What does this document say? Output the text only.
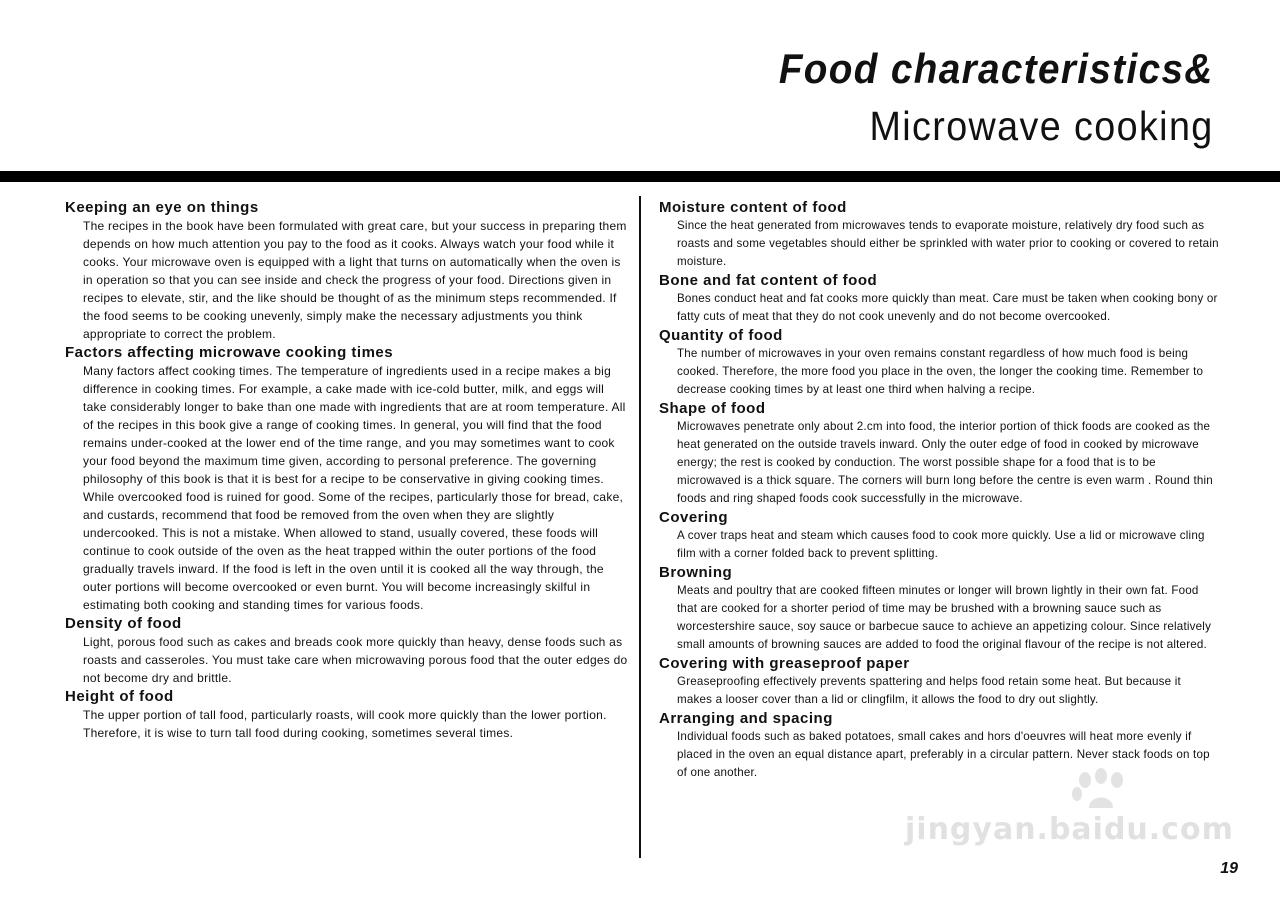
Food characteristics&
Microwave cooking
Keeping an eye on things

The recipes in the book have been formulated with great care, but your success in preparing them depends on how much attention you pay to the food as it cooks. Always watch your food while it cooks. Your microwave oven is equipped with a light that turns on automatically when the oven is in operation so that you can see inside and check the progress of your food. Directions given in recipes to elevate, stir, and the like should be thought of as the minimum steps recommended. If the food seems to be cooking unevenly, simply make the necessary adjustments you think appropriate to correct the problem.

Factors affecting microwave cooking times

Many factors affect cooking times. The temperature of ingredients used in a recipe makes a big difference in cooking times. For example, a cake made with ice-cold butter, milk, and eggs will take considerably longer to bake than one made with ingredients that are at room temperature. All of the recipes in this book give a range of cooking times. In general, you will find that the food remains under-cooked at the lower end of the time range, and you may sometimes want to cook your food beyond the maximum time given, according to personal preference. The governing philosophy of this book is that it is best for a recipe to be conservative in giving cooking times. While overcooked food is ruined for good. Some of the recipes, particularly those for bread, cake, and custards, recommend that food be removed from the oven when they are slightly undercooked. This is not a mistake. When allowed to stand, usually covered, these foods will continue to cook outside of the oven as the heat trapped within the outer portions of the food gradually travels inward. If the food is left in the oven until it is cooked all the way through, the outer portions will become overcooked or even burnt. You will become increasingly skilful in estimating both cooking and standing times for various foods.

Density of food

Light, porous food such as cakes and breads cook more quickly than heavy, dense foods such as roasts and casseroles. You must take care when microwaving porous food that the outer edges do not become dry and brittle.

Height of food

The upper portion of tall food, particularly roasts, will cook more quickly than the lower portion. Therefore, it is wise to turn tall food during cooking, sometimes several times.

Moisture content of food

Since the heat generated from microwaves tends to evaporate moisture, relatively dry food such as roasts and some vegetables should either be sprinkled with water prior to cooking or covered to retain moisture.

Bone and fat content of food

Bones conduct heat and fat cooks more quickly than meat. Care must be taken when cooking bony or fatty cuts of meat that they do not cook unevenly and do not become overcooked.

Quantity of food

The number of microwaves in your oven remains constant regardless of how much food is being cooked. Therefore, the more food you place in the oven, the longer the cooking time. Remember to decrease cooking times by at least one third when halving a recipe.

Shape of food

Microwaves penetrate only about 2.cm into food, the interior portion of thick foods are cooked as the heat generated on the outside travels inward. Only the outer edge of food in cooked by microwave energy; the rest is cooked by conduction. The worst possible shape for a food that is to be microwaved is a thick square. The corners will burn long before the centre is even warm . Round thin foods and ring shaped foods cook successfully in the microwave.

Covering

A cover traps heat and steam which causes food to cook more quickly. Use a lid or microwave cling film with a corner folded back to prevent splitting.

Browning

Meats and poultry that are cooked fifteen minutes or longer will brown lightly in their own fat. Food that are cooked for a shorter period of time may be brushed with a browning sauce such as worcestershire sauce, soy sauce or barbecue sauce to achieve an appetizing colour. Since relatively small amounts of browning sauces are added to food the original flavour of the recipe is not altered.

Covering with greaseproof paper

Greaseproofing effectively prevents spattering and helps food retain some heat. But because it makes a looser cover than a lid or clingfilm, it allows the food to dry out slightly.

Arranging and spacing

Individual foods such as baked potatoes, small cakes and hors d'oeuvres will heat more evenly if placed in the oven an equal distance apart, preferably in a circular pattern. Never stack foods on top of one another.

jingyan.baidu.com
19
